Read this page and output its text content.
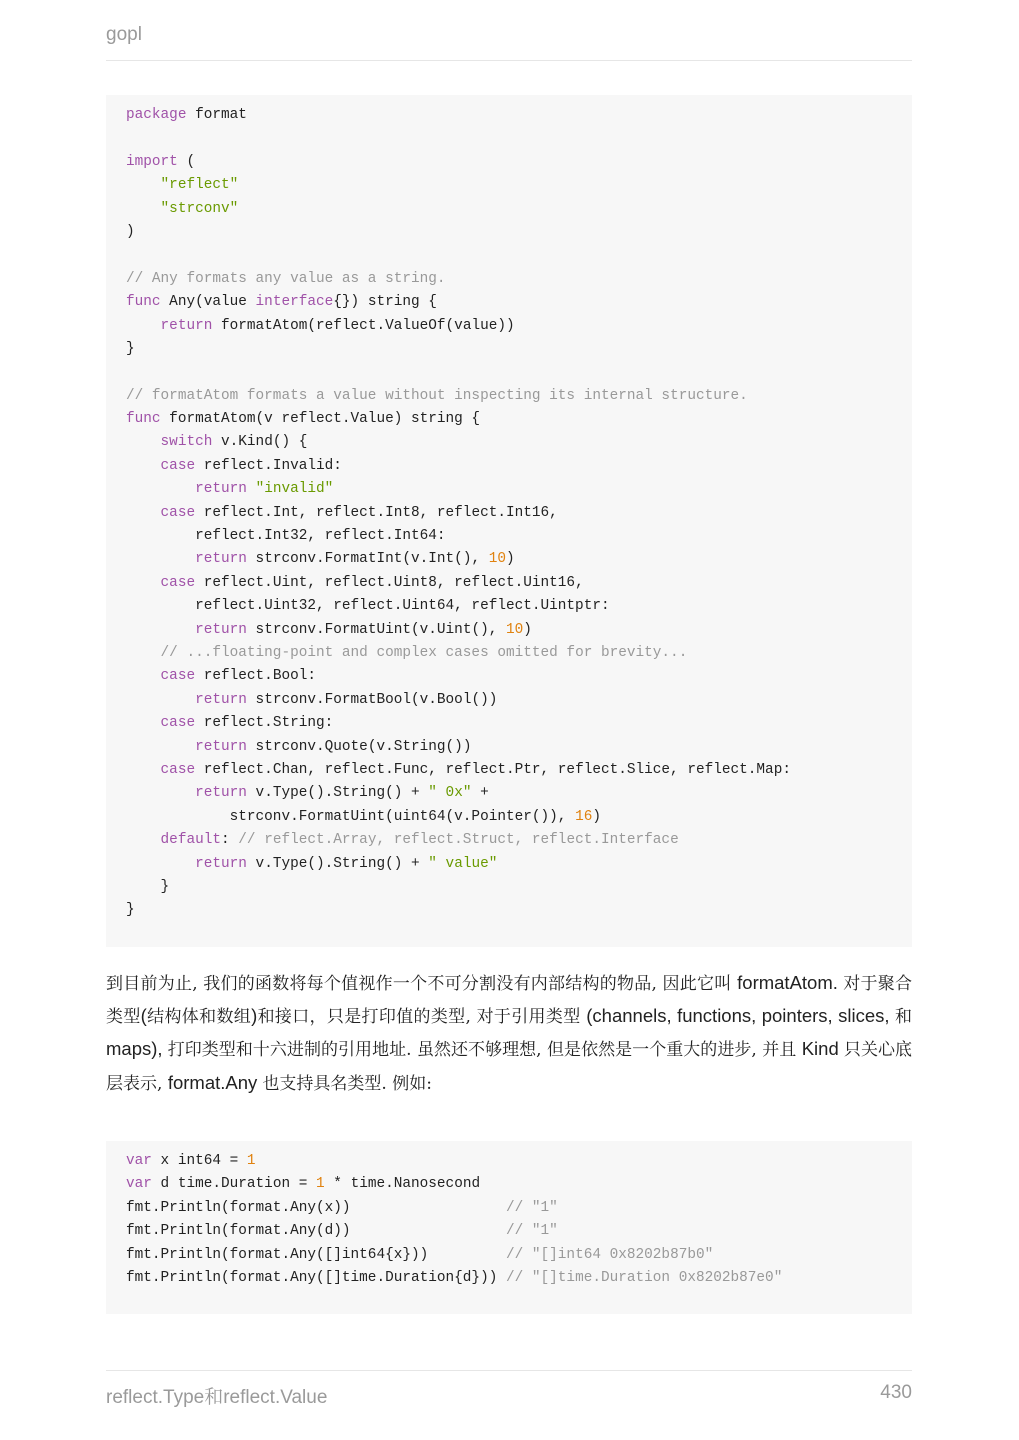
gopl
package format
import (
"reflect"
"strconv"
)
// Any formats any value as a string.
func Any(value interface{}) string {
return formatAtom(reflect.ValueOf(value))
}
// formatAtom formats a value without inspecting its internal structure.
func formatAtom(v reflect.Value) string {
switch v.Kind() {
case reflect.Invalid:
return "invalid"
case reflect.Int, reflect.Int8, reflect.Int16,
reflect.Int32, reflect.Int64:
return strconv.FormatInt(v.Int(), 10)
case reflect.Uint, reflect.Uint8, reflect.Uint16,
reflect.Uint32, reflect.Uint64, reflect.Uintptr:
return strconv.FormatUint(v.Uint(), 10)
// ...floating-point and complex cases omitted for brevity...
case reflect.Bool:
return strconv.FormatBool(v.Bool())
case reflect.String:
return strconv.Quote(v.String())
case reflect.Chan, reflect.Func, reflect.Ptr, reflect.Slice, reflect.Map:
return v.Type().String() + " 0x" +
strconv.FormatUint(uint64(v.Pointer()), 16)
default: // reflect.Array, reflect.Struct, reflect.Interface
return v.Type().String() + " value"
}
}

到目前为止, 我们的函数将每个值视作一个不可分割没有内部结构的物品, 因此它叫 formatAtom. 对于聚合类型(结构体和数组)和接口，只是打印值的类型, 对于引用类型 (channels, functions, pointers, slices, 和 maps), 打印类型和十六进制的引用地址. 虽然还不够理想, 但是依然是一个重大的进步, 并且 Kind 只关心底层表示, format.Any 也支持具名类型. 例如:

var x int64 = 1
var d time.Duration = 1 * time.Nanosecond
fmt.Println(format.Any(x))                  // "1"
fmt.Println(format.Any(d))                  // "1"
fmt.Println(format.Any([]int64{x}))         // "[]int64 0x8202b87b0"
fmt.Println(format.Any([]time.Duration{d})) // "[]time.Duration 0x8202b87e0"
reflect.Type和reflect.Value	430
